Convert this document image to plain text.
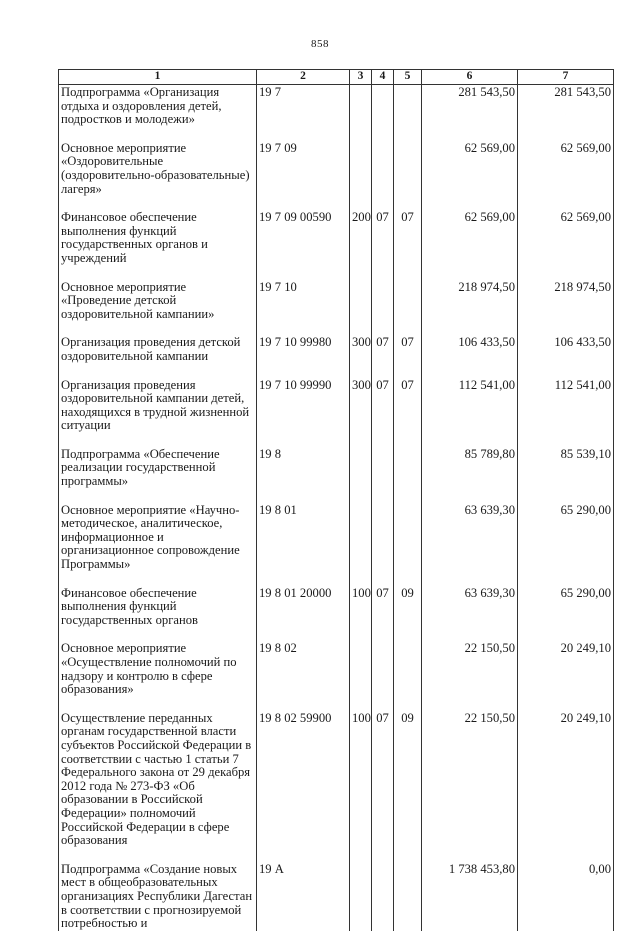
858
1	2	3	4	5	6	7
Подпрограмма «Организация отдыха и оздоровления детей, подростков и молодежи»	19 7				281 543,50	281 543,50

Основное мероприятие «Оздоровительные (оздоровительно-образовательные) лагеря»	19 7 09				62 569,00	62 569,00

Финансовое обеспечение выполнения функций государственных органов и учреждений	19 7 09 00590	200	07	07	62 569,00	62 569,00

Основное мероприятие «Проведение детской оздоровительной кампании»	19 7 10				218 974,50	218 974,50

Организация проведения детской оздоровительной кампании	19 7 10 99980	300	07	07	106 433,50	106 433,50

Организация проведения оздоровительной кампании детей, находящихся в трудной жизненной ситуации	19 7 10 99990	300	07	07	112 541,00	112 541,00

Подпрограмма «Обеспечение реализации государственной программы»	19 8				85 789,80	85 539,10

Основное мероприятие «Научно-методическое, аналитическое, информационное и организационное сопровождение Программы»	19 8 01				63 639,30	65 290,00

Финансовое обеспечение выполнения функций государственных органов	19 8 01 20000	100	07	09	63 639,30	65 290,00

Основное мероприятие «Осуществление полномочий по надзору и контролю в сфере образования»	19 8 02				22 150,50	20 249,10

Осуществление переданных органам государственной власти субъектов Российской Федерации в соответствии с частью 1 статьи 7 Федерального закона от 29 декабря 2012 года № 273-ФЗ «Об образовании в Российской Федерации» полномочий Российской Федерации в сфере образования	19 8 02 59900	100	07	09	22 150,50	20 249,10

Подпрограмма «Создание новых мест в общеобразовательных организациях Республики Дагестан в соответствии с прогнозируемой потребностью и	19 А				1 738 453,80	0,00
